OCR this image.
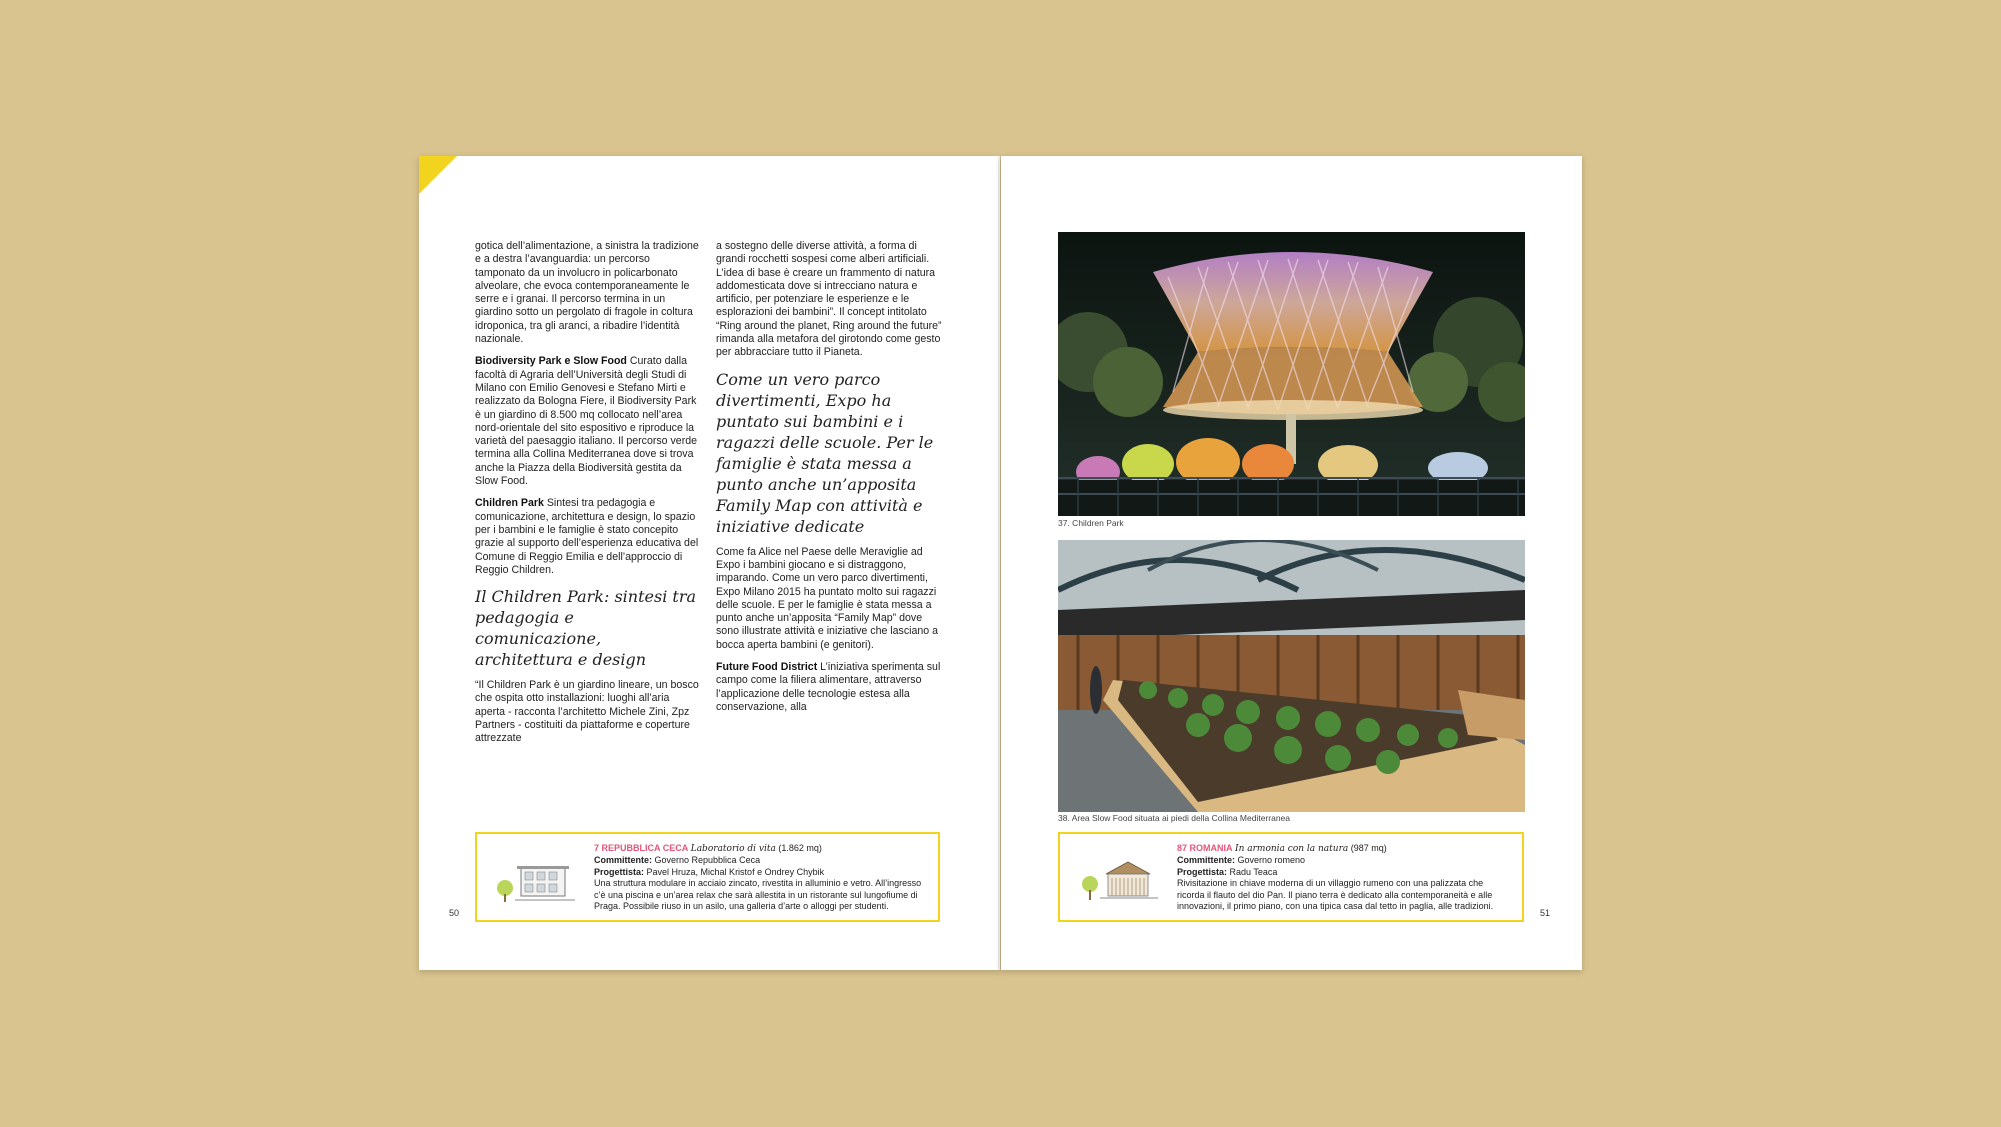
gotica dell’alimentazione, a sinistra la tradizione e a destra l’avanguardia: un percorso tamponato da un involucro in policarbonato alveolare, che evoca contemporaneamente le serre e i granai. Il percorso termina in un giardino sotto un pergolato di fragole in coltura idroponica, tra gli aranci, a ribadire l’identità nazionale.

Biodiversity Park e Slow Food Curato dalla facoltà di Agraria dell’Università degli Studi di Milano con Emilio Genovesi e Stefano Mirti e realizzato da Bologna Fiere, il Biodiversity Park è un giardino di 8.500 mq collocato nell’area nord-orientale del sito espositivo e riproduce la varietà del paesaggio italiano. Il percorso verde termina alla Collina Mediterranea dove si trova anche la Piazza della Biodiversità gestita da Slow Food.

Children Park Sintesi tra pedagogia e comunicazione, architettura e design, lo spazio per i bambini e le famiglie è stato concepito grazie al supporto dell’esperienza educativa del Comune di Reggio Emilia e dell’approccio di Reggio Children.

Il Children Park: sintesi tra pedagogia e comunicazione, architettura e design

“Il Children Park è un giardino lineare, un bosco che ospita otto installazioni: luoghi all’aria aperta - racconta l’architetto Michele Zini, Zpz Partners - costituiti da piattaforme e coperture attrezzate

a sostegno delle diverse attività, a forma di grandi rocchetti sospesi come alberi artificiali. L’idea di base è creare un frammento di natura addomesticata dove si intrecciano natura e artificio, per potenziare le esperienze e le esplorazioni dei bambini”. Il concept intitolato “Ring around the planet, Ring around the future” rimanda alla metafora del girotondo come gesto per abbracciare tutto il Pianeta.

Come un vero parco divertimenti, Expo ha puntato sui bambini e i ragazzi delle scuole. Per le famiglie è stata messa a punto anche un’apposita Family Map con attività e iniziative dedicate

Come fa Alice nel Paese delle Meraviglie ad Expo i bambini giocano e si distraggono, imparando. Come un vero parco divertimenti, Expo Milano 2015 ha puntato molto sui ragazzi delle scuole. E per le famiglie è stata messa a punto anche un’apposita “Family Map” dove sono illustrate attività e iniziative che lasciano a bocca aperta bambini (e genitori).

Future Food District L’iniziativa sperimenta sul campo come la filiera alimentare, attraverso l’applicazione delle tecnologie estesa alla conservazione, alla

7 REPUBBLICA CECA Laboratorio di vita (1.862 mq)
Committente: Governo Repubblica Ceca
Progettista: Pavel Hruza, Michal Kristof e Ondrey Chybik
Una struttura modulare in acciaio zincato, rivestita in alluminio e vetro. All’ingresso c’è una piscina e un’area relax che sarà allestita in un ristorante sul lungofiume di Praga. Possibile riuso in un asilo, una galleria d’arte o alloggi per studenti.
50
37. Children Park
38. Area Slow Food situata ai piedi della Collina Mediterranea
87 ROMANIA In armonia con la natura (987 mq)
Committente: Governo romeno
Progettista: Radu Teaca
Rivisitazione in chiave moderna di un villaggio rumeno con una palizzata che ricorda il flauto del dio Pan. Il piano terra è dedicato alla contemporaneità e alle innovazioni, il primo piano, con una tipica casa dal tetto in paglia, alle tradizioni.
51
